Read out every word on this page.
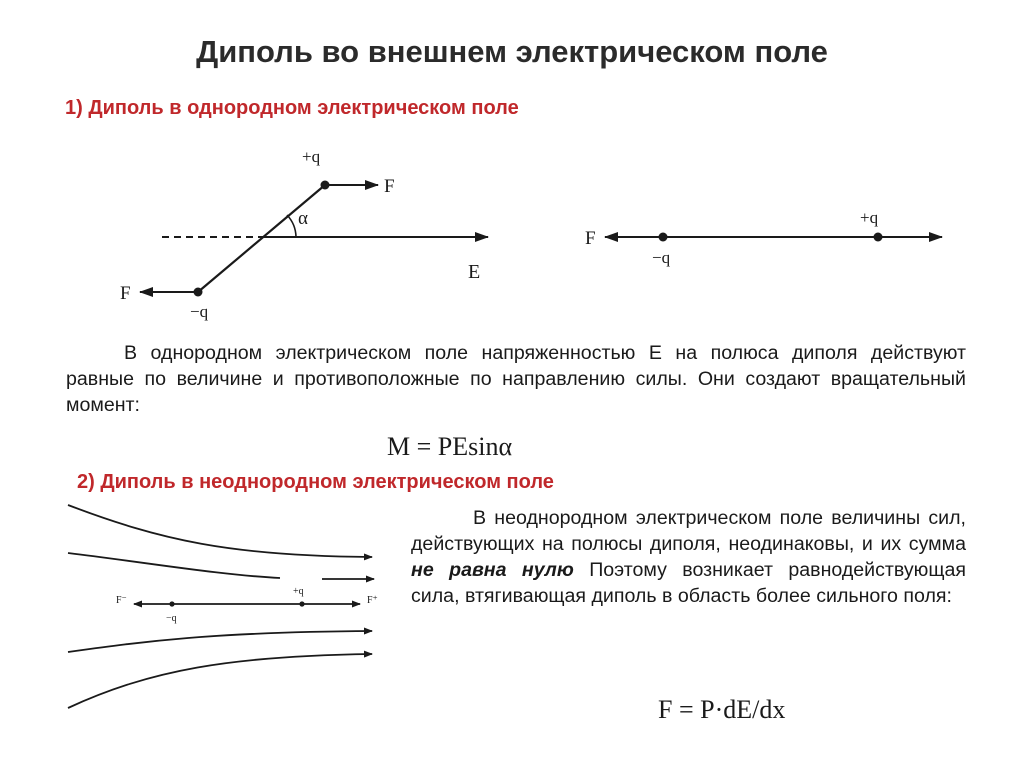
Диполь во внешнем электрическом поле
1) Диполь в однородном электрическом поле
+q
−q
F
F
α
E
F
−q
+q
F⁻	F⁺
−q
+q
В однородном электрическом поле напряженностью E на полюса диполя действуют равные по величине и противоположные по направлению силы. Они создают вращательный момент:
M = PEsinα
2) Диполь в неоднородном электрическом поле
В неоднородном электрическом поле величины сил, действующих на полюсы диполя, неодинаковы, и их сумма не равна нулю Поэтому возникает равнодействующая сила, втягивающая диполь в область более сильного поля:
F = P·dE/dx
